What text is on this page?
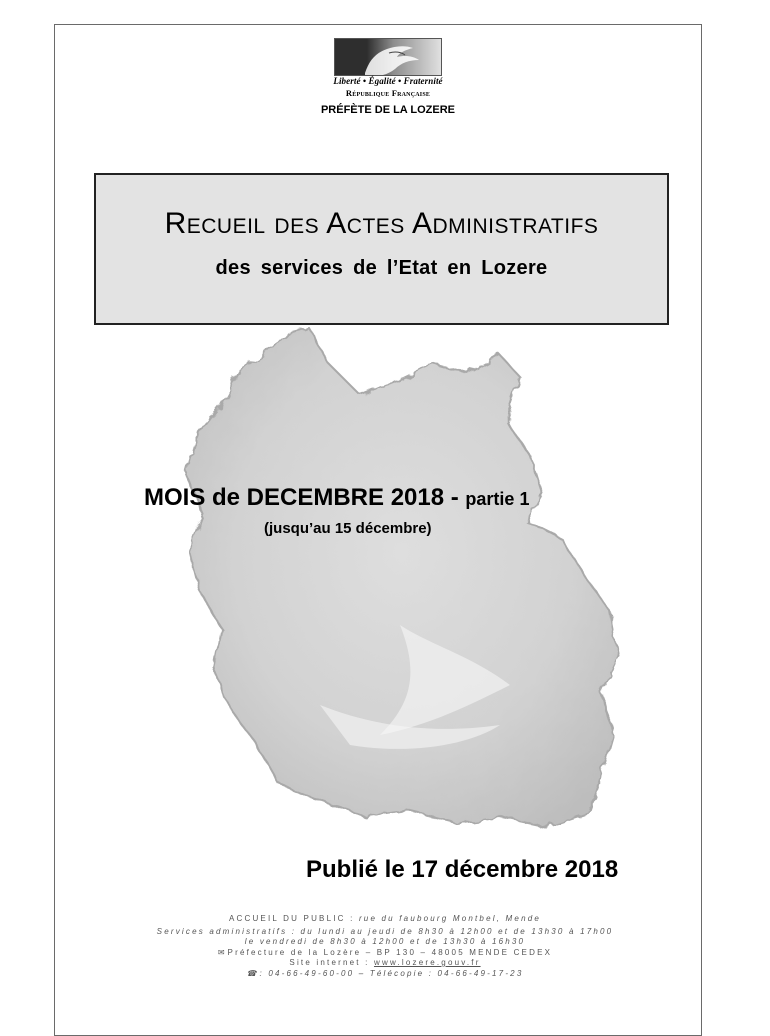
Liberté • Égalité • Fraternité
République Française
PRÉFÈTE DE LA LOZERE
Recueil des Actes Administratifs
des services de l’Etat en Lozere
MOIS de DECEMBRE 2018 - partie 1
(jusqu’au 15 décembre)
Publié le 17 décembre 2018
ACCUEIL DU PUBLIC : rue du faubourg Montbel, Mende
Services administratifs : du lundi au jeudi de 8h30 à 12h00 et de 13h30 à 17h00
le vendredi de 8h30 à 12h00 et de 13h30 à 16h30
✉ Préfecture de la Lozère – BP 130 – 48005 MENDE CEDEX
Site internet : www.lozere.gouv.fr
☎ : 04-66-49-60-00 – Télécopie : 04-66-49-17-23
